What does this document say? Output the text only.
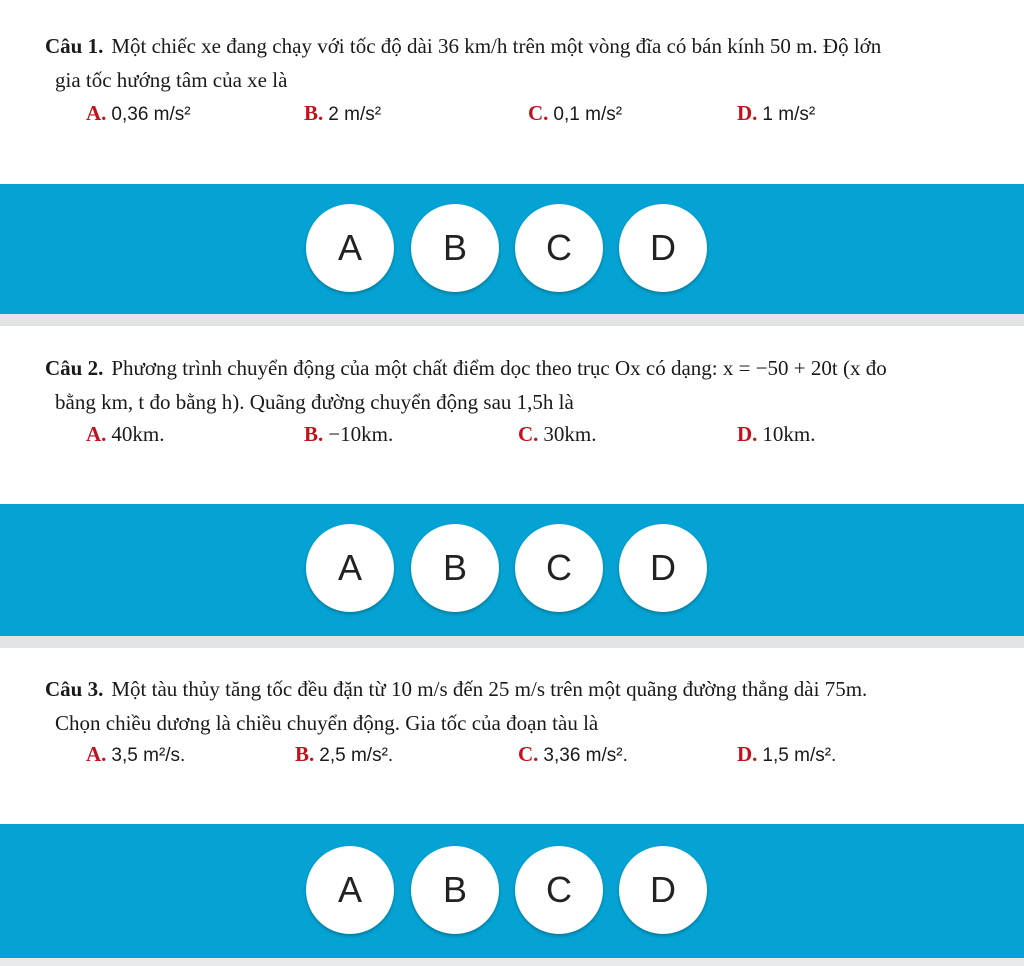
Câu 1. Một chiếc xe đang chạy với tốc độ dài 36 km/h trên một vòng đĩa có bán kính 50 m. Độ lớn
gia tốc hướng tâm của xe là
A. 0,36 m/s²	B. 2 m/s²	C. 0,1 m/s²	D. 1 m/s²
A	B	C	D
Câu 2. Phương trình chuyển động của một chất điểm dọc theo trục Ox có dạng: x = −50 + 20t (x đo
bằng km, t đo bằng h). Quãng đường chuyển động sau 1,5h là
A. 40km.	B. −10km.	C. 30km.	D. 10km.
A	B	C	D
Câu 3. Một tàu thủy tăng tốc đều đặn từ 10 m/s đến 25 m/s trên một quãng đường thẳng dài 75m.
Chọn chiều dương là chiều chuyển động. Gia tốc của đoạn tàu là
A. 3,5 m²/s.	B. 2,5 m/s².	C. 3,36 m/s².	D. 1,5 m/s².
A	B	C	D
